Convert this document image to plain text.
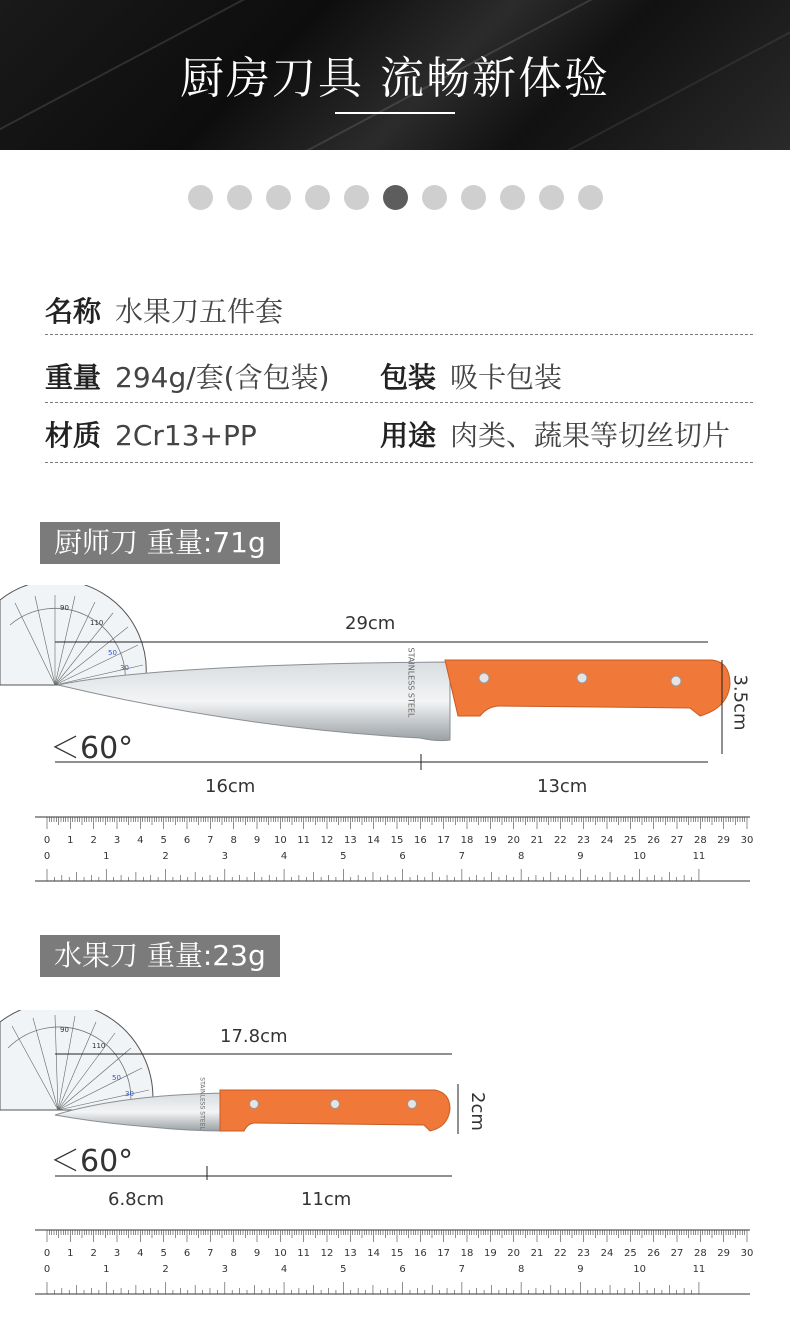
厨房刀具 流畅新体验
名称 水果刀五件套
重量 294g/套(含包装) 包装 吸卡包装
材质 2Cr13+PP	用途 肉类、蔬果等切丝切片
厨师刀 重量:71g
50
30
110
90
STAINLESS STEEL
29cm
16cm	13cm
3.5cm
＜60°
0 1 2 3 4 5 6 7 8 9 10 11 12 13 14 15 16 17 18 19 20 21 22 23 24 25 26 27 28 29 30
0	1	2	3	4	5	6	7	8	9	10	11
水果刀 重量:23g
50
30
110
90
STAINLESS STEEL
17.8cm
6.8cm	11cm
2cm
＜60°
0 1 2 3 4 5 6 7 8 9 10 11 12 13 14 15 16 17 18 19 20 21 22 23 24 25 26 27 28 29 30
0	1	2	3	4	5	6	7	8	9	10	11
